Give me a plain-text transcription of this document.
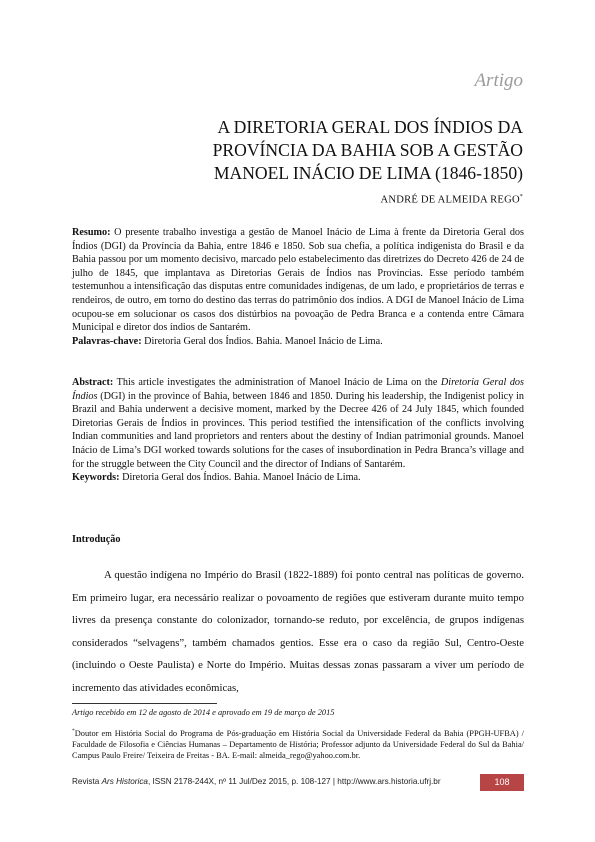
Artigo
A DIRETORIA GERAL DOS ÍNDIOS DA
PROVÍNCIA DA BAHIA SOB A GESTÃO
MANOEL INÁCIO DE LIMA (1846-1850)
ANDRÉ DE ALMEIDA REGO*

Resumo: O presente trabalho investiga a gestão de Manoel Inácio de Lima à frente da Diretoria Geral dos Índios (DGI) da Província da Bahia, entre 1846 e 1850. Sob sua chefia, a política indigenista do Brasil e da Bahia passou por um momento decisivo, marcado pelo estabelecimento das diretrizes do Decreto 426 de 24 de julho de 1845, que implantava as Diretorias Gerais de Índios nas Províncias. Esse período também testemunhou a intensificação das disputas entre comunidades indígenas, de um lado, e proprietários de terras e rendeiros, de outro, em torno do destino das terras do patrimônio dos índios. A DGI de Manoel Inácio de Lima ocupou-se em solucionar os casos dos distúrbios na povoação de Pedra Branca e a contenda entre Câmara Municipal e diretor dos índios de Santarém.

Palavras-chave: Diretoria Geral dos Índios. Bahia. Manoel Inácio de Lima.

Abstract: This article investigates the administration of Manoel Inácio de Lima on the Diretoria Geral dos Índios (DGI) in the province of Bahia, between 1846 and 1850. During his leadership, the Indigenist policy in Brazil and Bahia underwent a decisive moment, marked by the Decree 426 of 24 July 1845, which founded Diretorias Gerais de Índios in provinces. This period testified the intensification of the conflicts involving Indian communities and land proprietors and renters about the destiny of Indian patrimonial grounds. Manoel Inácio de Lima’s DGI worked towards solutions for the cases of insubordination in Pedra Branca’s village and for the struggle between the City Council and the director of Indians of Santarém.

Keywords: Diretoria Geral dos Índios. Bahia. Manoel Inácio de Lima.

Introdução

A questão indígena no Império do Brasil (1822-1889) foi ponto central nas políticas de governo. Em primeiro lugar, era necessário realizar o povoamento de regiões que estiveram durante muito tempo livres da presença constante do colonizador, tornando-se reduto, por excelência, de grupos indígenas considerados “selvagens”, também chamados gentios. Esse era o caso da região Sul, Centro-Oeste (incluindo o Oeste Paulista) e Norte do Império. Muitas dessas zonas passaram a viver um período de incremento das atividades econômicas,

Artigo recebido em 12 de agosto de 2014 e aprovado em 19 de março de 2015
*Doutor em História Social do Programa de Pós-graduação em História Social da Universidade Federal da Bahia (PPGH-UFBA) / Faculdade de Filosofia e Ciências Humanas – Departamento de História; Professor adjunto da Universidade Federal do Sul da Bahia/ Campus Paulo Freire/ Teixeira de Freitas - BA. E-mail: almeida_rego@yahoo.com.br.
Revista Ars Historica, ISSN 2178-244X, nº 11 Jul/Dez 2015, p. 108-127 | http://www.ars.historia.ufrj.br	108
